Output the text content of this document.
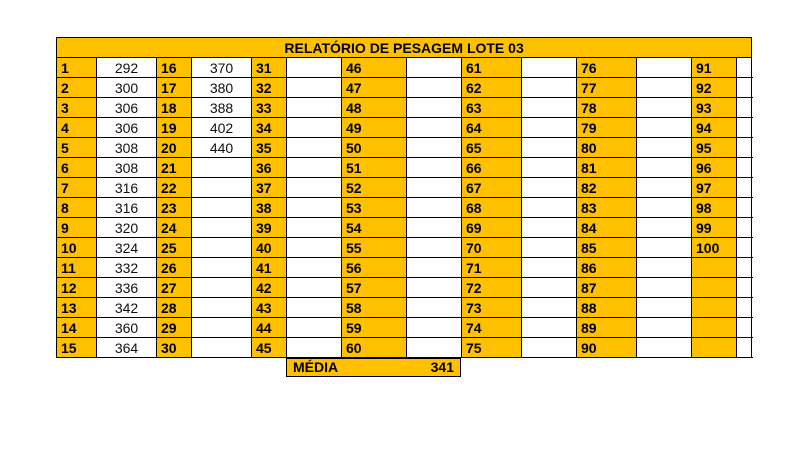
RELATÓRIO DE PESAGEM LOTE 03													
1	292	16	370	31		46		61		76		91	
2	300	17	380	32		47		62		77		92	
3	306	18	388	33		48		63		78		93	
4	306	19	402	34		49		64		79		94	
5	308	20	440	35		50		65		80		95	
6	308	21		36		51		66		81		96	
7	316	22		37		52		67		82		97	
8	316	23		38		53		68		83		98	
9	320	24		39		54		69		84		99	
10	324	25		40		55		70		85		100	
11	332	26		41		56		71		86			
12	336	27		42		57		72		87			
13	342	28		43		58		73		88			
14	360	29		44		59		74		89			
15	364	30		45		60		75		90			
MÉDIA	341
